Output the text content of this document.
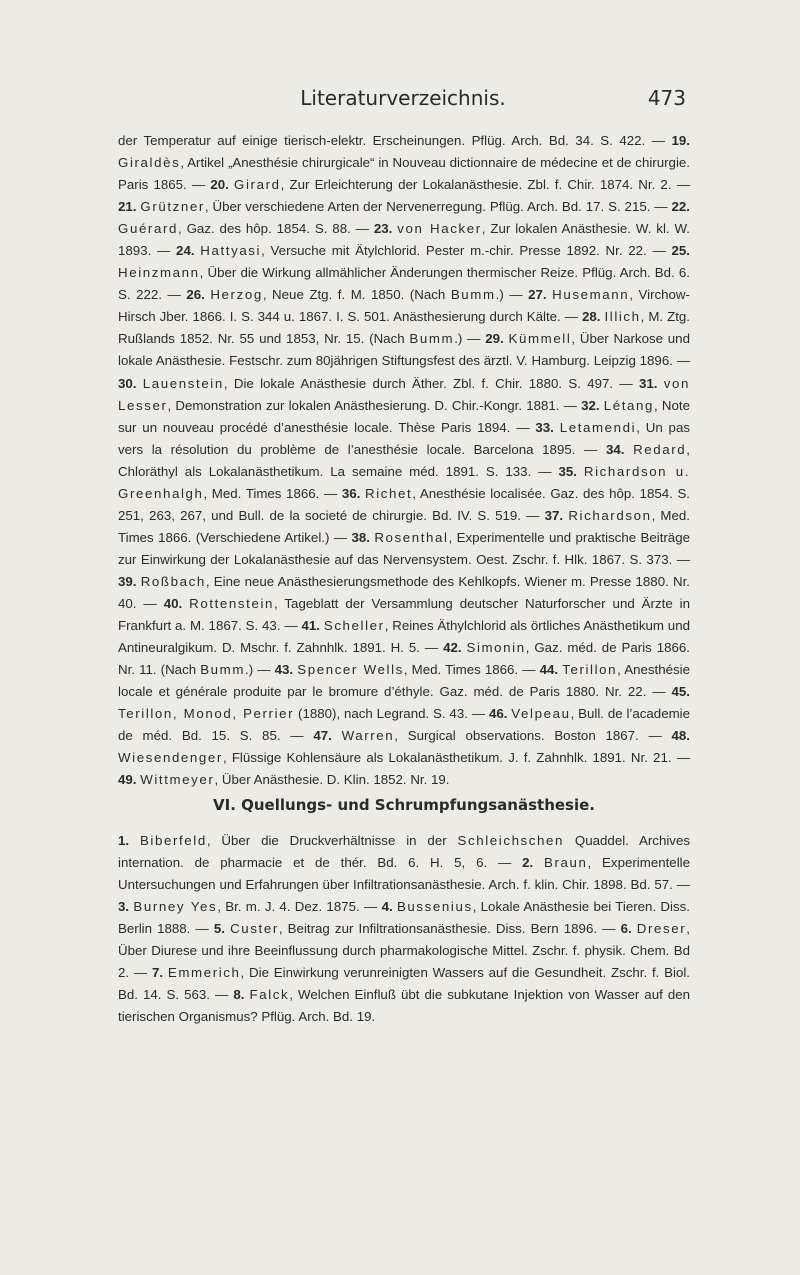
Literaturverzeichnis.	473
der Temperatur auf einige tierisch-elektr. Erscheinungen. Pflüg. Arch. Bd. 34. S. 422. — 19. Giraldès, Artikel „Anesthésie chirurgicale“ in Nouveau dictionnaire de médecine et de chirurgie. Paris 1865. — 20. Girard, Zur Erleichterung der Lokalanästhesie. Zbl. f. Chir. 1874. Nr. 2. — 21. Grützner, Über verschiedene Arten der Nervenerregung. Pflüg. Arch. Bd. 17. S. 215. — 22. Guérard, Gaz. des hôp. 1854. S. 88. — 23. von Hacker, Zur lokalen Anästhesie. W. kl. W. 1893. — 24. Hattyasi, Versuche mit Ätylchlorid. Pester m.-chir. Presse 1892. Nr. 22. — 25. Heinzmann, Über die Wirkung allmählicher Änderungen thermischer Reize. Pflüg. Arch. Bd. 6. S. 222. — 26. Herzog, Neue Ztg. f. M. 1850. (Nach Bumm.) — 27. Husemann, Virchow-Hirsch Jber. 1866. I. S. 344 u. 1867. I. S. 501. Anästhesierung durch Kälte. — 28. Illich, M. Ztg. Rußlands 1852. Nr. 55 und 1853, Nr. 15. (Nach Bumm.) — 29. Kümmell, Über Narkose und lokale Anästhesie. Festschr. zum 80jährigen Stiftungsfest des ärztl. V. Hamburg. Leipzig 1896. — 30. Lauenstein, Die lokale Anästhesie durch Äther. Zbl. f. Chir. 1880. S. 497. — 31. von Lesser, Demonstration zur lokalen Anästhesierung. D. Chir.-Kongr. 1881. — 32. Létang, Note sur un nouveau procédé d’anesthésie locale. Thèse Paris 1894. — 33. Letamendi, Un pas vers la résolution du problème de l’anesthésie locale. Barcelona 1895. — 34. Redard, Chloräthyl als Lokalanästhetikum. La semaine méd. 1891. S. 133. — 35. Richardson u. Greenhalgh, Med. Times 1866. — 36. Richet, Anesthésie localisée. Gaz. des hôp. 1854. S. 251, 263, 267, und Bull. de la societé de chirurgie. Bd. IV. S. 519. — 37. Richardson, Med. Times 1866. (Verschiedene Artikel.) — 38. Rosenthal, Experimentelle und praktische Beiträge zur Einwirkung der Lokalanästhesie auf das Nervensystem. Oest. Zschr. f. Hlk. 1867. S. 373. — 39. Roßbach, Eine neue Anästhesierungsmethode des Kehlkopfs. Wiener m. Presse 1880. Nr. 40. — 40. Rottenstein, Tageblatt der Versammlung deutscher Naturforscher und Ärzte in Frankfurt a. M. 1867. S. 43. — 41. Scheller, Reines Äthylchlorid als örtliches Anästhetikum und Antineuralgikum. D. Mschr. f. Zahnhlk. 1891. H. 5. — 42. Simonin, Gaz. méd. de Paris 1866. Nr. 11. (Nach Bumm.) — 43. Spencer Wells, Med. Times 1866. — 44. Terillon, Anesthésie locale et générale produite par le bromure d’éthyle. Gaz. méd. de Paris 1880. Nr. 22. — 45. Terillon, Monod, Perrier (1880), nach Legrand. S. 43. — 46. Velpeau, Bull. de l’academie de méd. Bd. 15. S. 85. — 47. Warren, Surgical observations. Boston 1867. — 48. Wiesendenger, Flüssige Kohlensäure als Lokalanästhetikum. J. f. Zahnhlk. 1891. Nr. 21. — 49. Wittmeyer, Über Anästhesie. D. Klin. 1852. Nr. 19.
VI. Quellungs- und Schrumpfungsanästhesie.
1. Biberfeld, Über die Druckverhältnisse in der Schleichschen Quaddel. Archives internation. de pharmacie et de thér. Bd. 6. H. 5, 6. — 2. Braun, Experimentelle Untersuchungen und Erfahrungen über Infiltrationsanästhesie. Arch. f. klin. Chir. 1898. Bd. 57. — 3. Burney Yes, Br. m. J. 4. Dez. 1875. — 4. Bussenius, Lokale Anästhesie bei Tieren. Diss. Berlin 1888. — 5. Custer, Beitrag zur Infiltrationsanästhesie. Diss. Bern 1896. — 6. Dreser, Über Diurese und ihre Beeinflussung durch pharmakologische Mittel. Zschr. f. physik. Chem. Bd 2. — 7. Emmerich, Die Einwirkung verunreinigten Wassers auf die Gesundheit. Zschr. f. Biol. Bd. 14. S. 563. — 8. Falck, Welchen Einfluß übt die subkutane Injektion von Wasser auf den tierischen Organismus? Pflüg. Arch. Bd. 19.
